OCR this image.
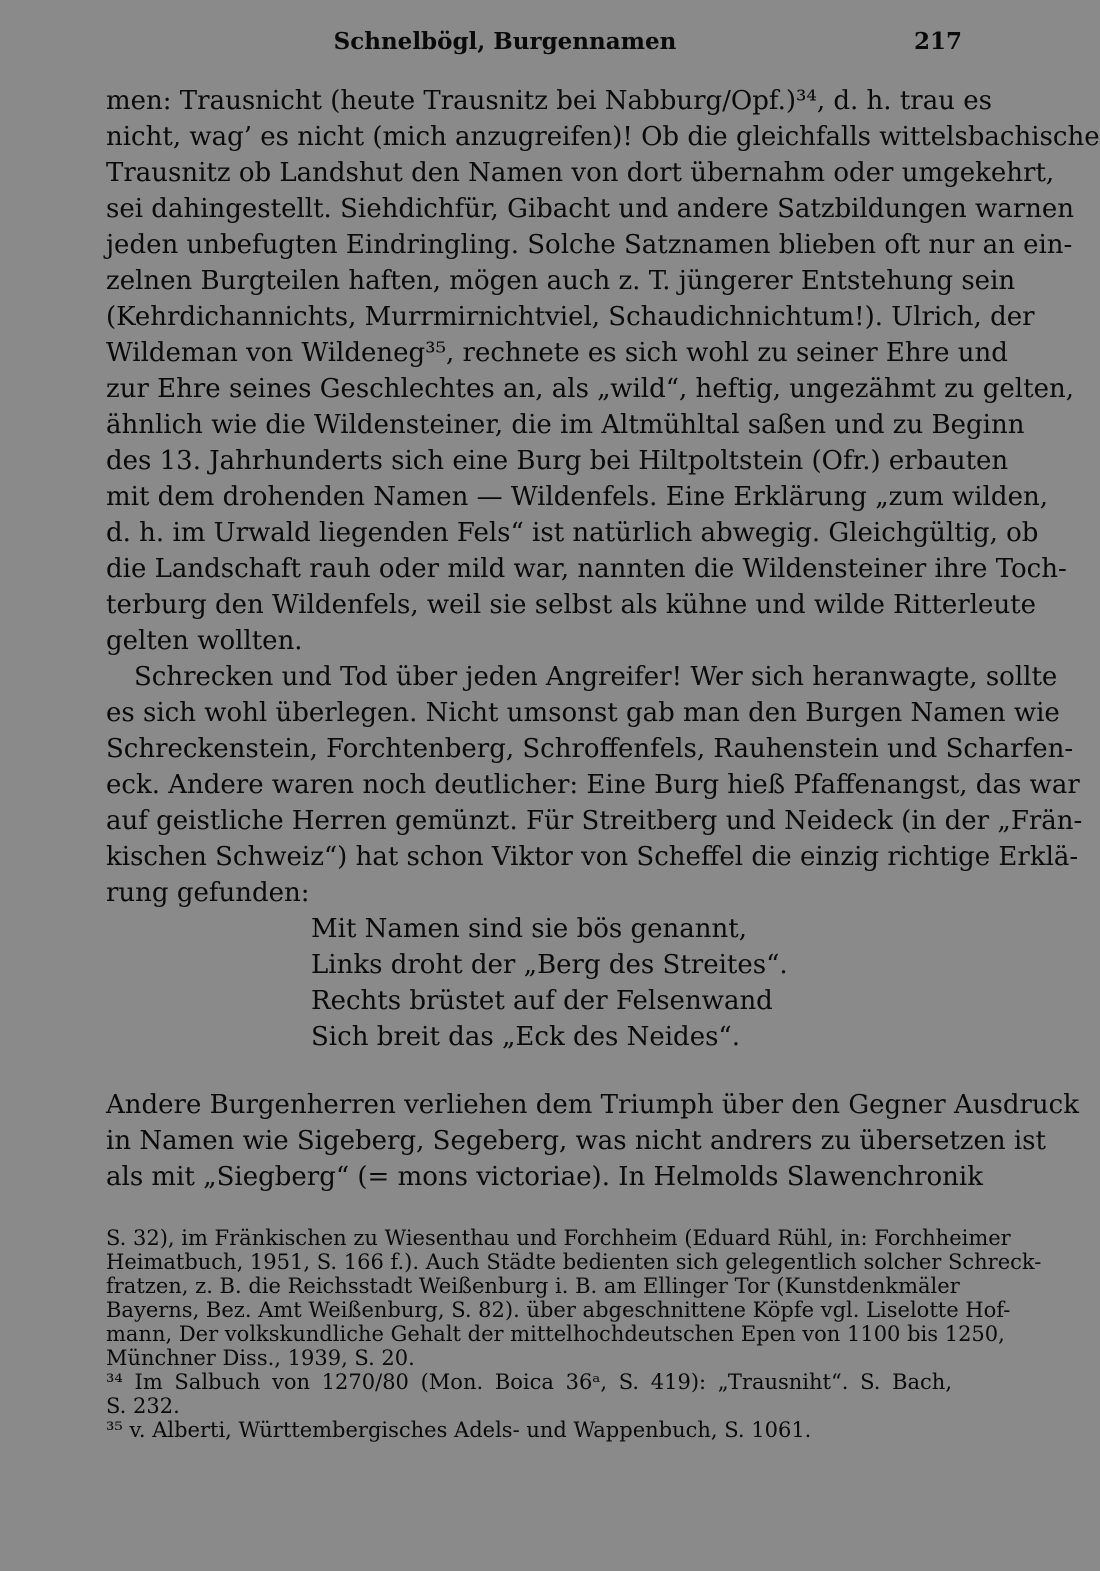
Schnelbögl, Burgennamen	217
men: Trausnicht (heute Trausnitz bei Nabburg/Opf.)³⁴, d. h. trau es
nicht, wag’ es nicht (mich anzugreifen)! Ob die gleichfalls wittelsbachische
Trausnitz ob Landshut den Namen von dort übernahm oder umgekehrt,
sei dahingestellt. Siehdichfür, Gibacht und andere Satzbildungen warnen
jeden unbefugten Eindringling. Solche Satznamen blieben oft nur an ein-
zelnen Burgteilen haften, mögen auch z. T. jüngerer Entstehung sein
(Kehrdichannichts, Murrmirnichtviel, Schaudichnichtum!). Ulrich, der
Wildeman von Wildeneg³⁵, rechnete es sich wohl zu seiner Ehre und
zur Ehre seines Geschlechtes an, als „wild“, heftig, ungezähmt zu gelten,
ähnlich wie die Wildensteiner, die im Altmühltal saßen und zu Beginn
des 13. Jahrhunderts sich eine Burg bei Hiltpoltstein (Ofr.) erbauten
mit dem drohenden Namen — Wildenfels. Eine Erklärung „zum wilden,
d. h. im Urwald liegenden Fels“ ist natürlich abwegig. Gleichgültig, ob
die Landschaft rauh oder mild war, nannten die Wildensteiner ihre Toch-
terburg den Wildenfels, weil sie selbst als kühne und wilde Ritterleute
gelten wollten.
Schrecken und Tod über jeden Angreifer! Wer sich heranwagte, sollte
es sich wohl überlegen. Nicht umsonst gab man den Burgen Namen wie
Schreckenstein, Forchtenberg, Schroffenfels, Rauhenstein und Scharfen-
eck. Andere waren noch deutlicher: Eine Burg hieß Pfaffenangst, das war
auf geistliche Herren gemünzt. Für Streitberg und Neideck (in der „Frän-
kischen Schweiz“) hat schon Viktor von Scheffel die einzig richtige Erklä-
rung gefunden:
Mit Namen sind sie bös genannt,
Links droht der „Berg des Streites“.
Rechts brüstet auf der Felsenwand
Sich breit das „Eck des Neides“.
Andere Burgenherren verliehen dem Triumph über den Gegner Ausdruck
in Namen wie Sigeberg, Segeberg, was nicht andrers zu übersetzen ist
als mit „Siegberg“ (= mons victoriae). In Helmolds Slawenchronik
S. 32), im Fränkischen zu Wiesenthau und Forchheim (Eduard Rühl, in: Forchheimer
Heimatbuch, 1951, S. 166 f.). Auch Städte bedienten sich gelegentlich solcher Schreck-
fratzen, z. B. die Reichsstadt Weißenburg i. B. am Ellinger Tor (Kunstdenkmäler
Bayerns, Bez. Amt Weißenburg, S. 82). über abgeschnittene Köpfe vgl. Liselotte Hof-
mann, Der volkskundliche Gehalt der mittelhochdeutschen Epen von 1100 bis 1250,
Münchner Diss., 1939, S. 20.
³⁴ Im Salbuch von 1270/80 (Mon. Boica 36ᵃ, S. 419): „Trausniht“. S. Bach,
S. 232.
³⁵ v. Alberti, Württembergisches Adels- und Wappenbuch, S. 1061.
